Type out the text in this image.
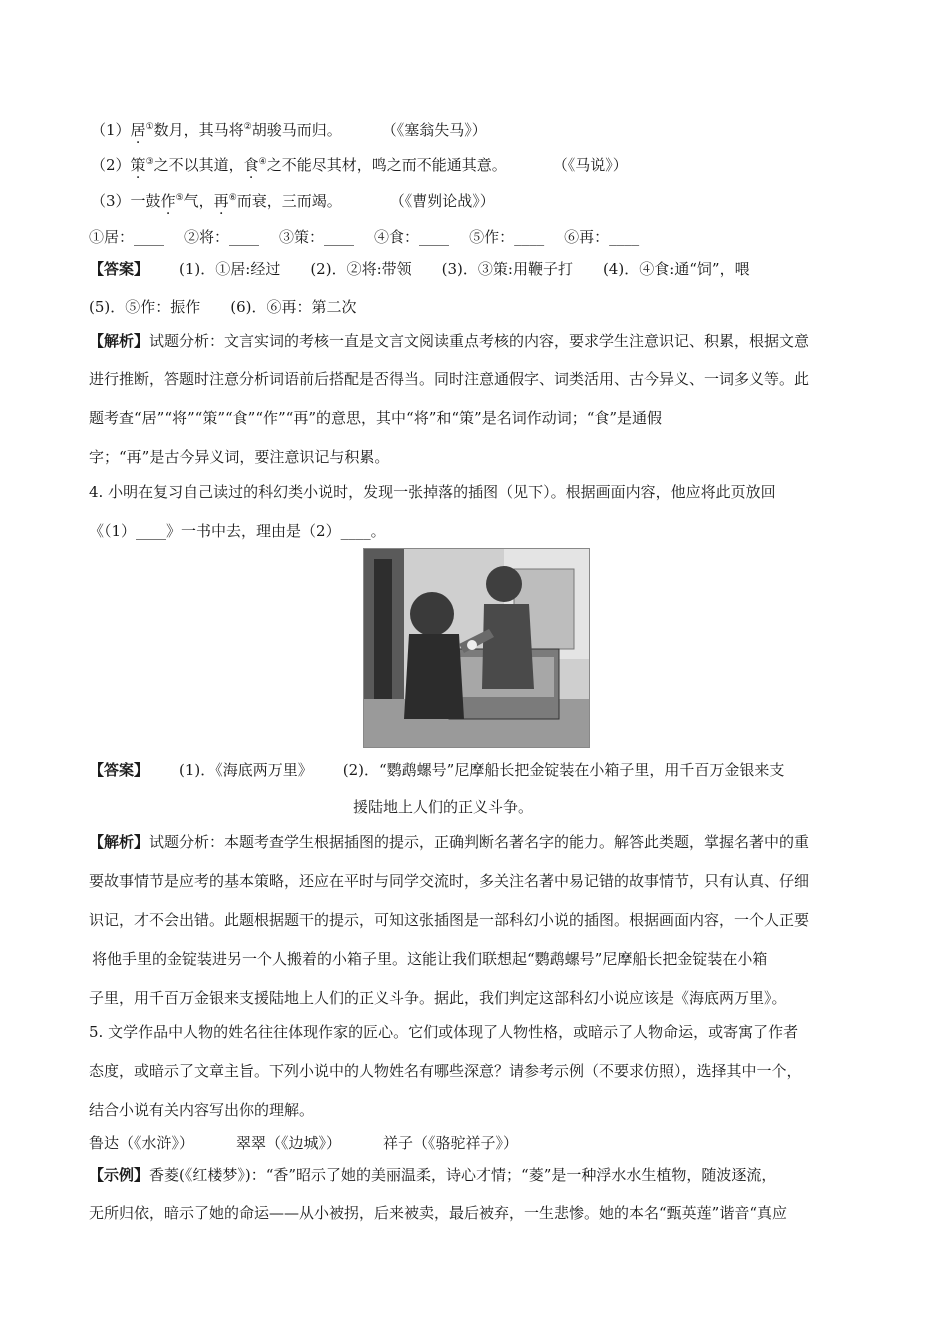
（1）居①数月，其马将②胡骏马而归。	（《塞翁失马》）
（2）策③之不以其道，食④之不能尽其材，鸣之而不能通其意。	（《马说》）
（3）一鼓作⑤气，再⑥而衰，三而竭。	（《曹刿论战》）
①居：____ ②将：____ ③策：____ ④食：____ ⑤作：____ ⑥再：____
【答案】 (1)．①居:经过 (2)．②将:带领 (3)．③策:用鞭子打 (4)．④食:通“饲”，喂
(5)．⑤作：振作 (6)．⑥再：第二次
【解析】试题分析：文言实词的考核一直是文言文阅读重点考核的内容，要求学生注意识记、积累，根据文意
进行推断，答题时注意分析词语前后搭配是否得当。同时注意通假字、词类活用、古今异义、一词多义等。此
题考查“居”“将”“策”“食”“作”“再”的意思，其中“将”和“策”是名词作动词；“食”是通假
字；“再”是古今异义词，要注意识记与积累。
4. 小明在复习自己读过的科幻类小说时，发现一张掉落的插图（见下）。根据画面内容，他应将此页放回
《（1）____》一书中去，理由是（2）____。
【答案】 (1)．《海底两万里》 (2)．“鹦鹉螺号”尼摩船长把金锭装在小箱子里，用千百万金银来支
援陆地上人们的正义斗争。
【解析】试题分析：本题考查学生根据插图的提示，正确判断名著名字的能力。解答此类题，掌握名著中的重
要故事情节是应考的基本策略，还应在平时与同学交流时，多关注名著中易记错的故事情节，只有认真、仔细
识记，才不会出错。此题根据题干的提示，可知这张插图是一部科幻小说的插图。根据画面内容，一个人正要
将他手里的金锭装进另一个人搬着的小箱子里。这能让我们联想起“鹦鹉螺号”尼摩船长把金锭装在小箱
子里，用千百万金银来支援陆地上人们的正义斗争。据此，我们判定这部科幻小说应该是《海底两万里》。
5. 文学作品中人物的姓名往往体现作家的匠心。它们或体现了人物性格，或暗示了人物命运，或寄寓了作者
态度，或暗示了文章主旨。下列小说中的人物姓名有哪些深意？请参考示例（不要求仿照），选择其中一个，
结合小说有关内容写出你的理解。
鲁达（《水浒》）	翠翠（《边城》）	祥子（《骆驼祥子》）
【示例】香菱(《红楼梦》)：“香”昭示了她的美丽温柔，诗心才情；“菱”是一种浮水水生植物，随波逐流，
无所归依，暗示了她的命运——从小被拐，后来被卖，最后被弃，一生悲惨。她的本名“甄英莲”谐音“真应
